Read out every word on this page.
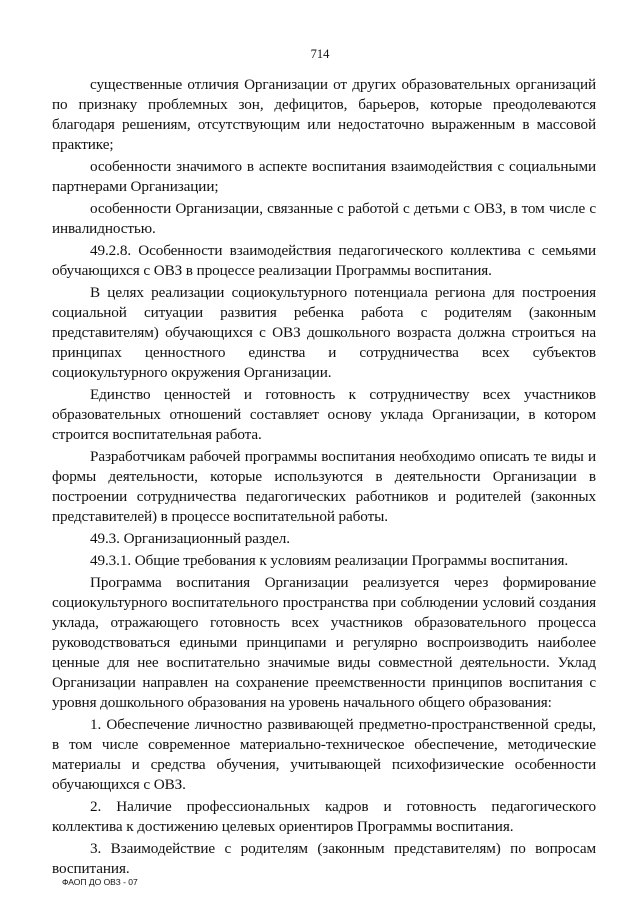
714

существенные отличия Организации от других образовательных организаций по признаку проблемных зон, дефицитов, барьеров, которые преодолеваются благодаря решениям, отсутствующим или недостаточно выраженным в массовой практике;

особенности значимого в аспекте воспитания взаимодействия с социальными партнерами Организации;

особенности Организации, связанные с работой с детьми с ОВЗ, в том числе с инвалидностью.

49.2.8. Особенности взаимодействия педагогического коллектива с семьями обучающихся с ОВЗ в процессе реализации Программы воспитания.

В целях реализации социокультурного потенциала региона для построения социальной ситуации развития ребенка работа с родителям (законным представителям) обучающихся с ОВЗ дошкольного возраста должна строиться на принципах ценностного единства и сотрудничества всех субъектов социокультурного окружения Организации.

Единство ценностей и готовность к сотрудничеству всех участников образовательных отношений составляет основу уклада Организации, в котором строится воспитательная работа.

Разработчикам рабочей программы воспитания необходимо описать те виды и формы деятельности, которые используются в деятельности Организации в построении сотрудничества педагогических работников и родителей (законных представителей) в процессе воспитательной работы.

49.3. Организационный раздел.

49.3.1. Общие требования к условиям реализации Программы воспитания.

Программа воспитания Организации реализуется через формирование социокультурного воспитательного пространства при соблюдении условий создания уклада, отражающего готовность всех участников образовательного процесса руководствоваться едиными принципами и регулярно воспроизводить наиболее ценные для нее воспитательно значимые виды совместной деятельности. Уклад Организации направлен на сохранение преемственности принципов воспитания с уровня дошкольного образования на уровень начального общего образования:

1. Обеспечение личностно развивающей предметно-пространственной среды, в том числе современное материально-техническое обеспечение, методические материалы и средства обучения, учитывающей психофизические особенности обучающихся с ОВЗ.

2. Наличие профессиональных кадров и готовность педагогического коллектива к достижению целевых ориентиров Программы воспитания.

3. Взаимодействие с родителям (законным представителям) по вопросам воспитания.

ФАОП ДО ОВЗ - 07
